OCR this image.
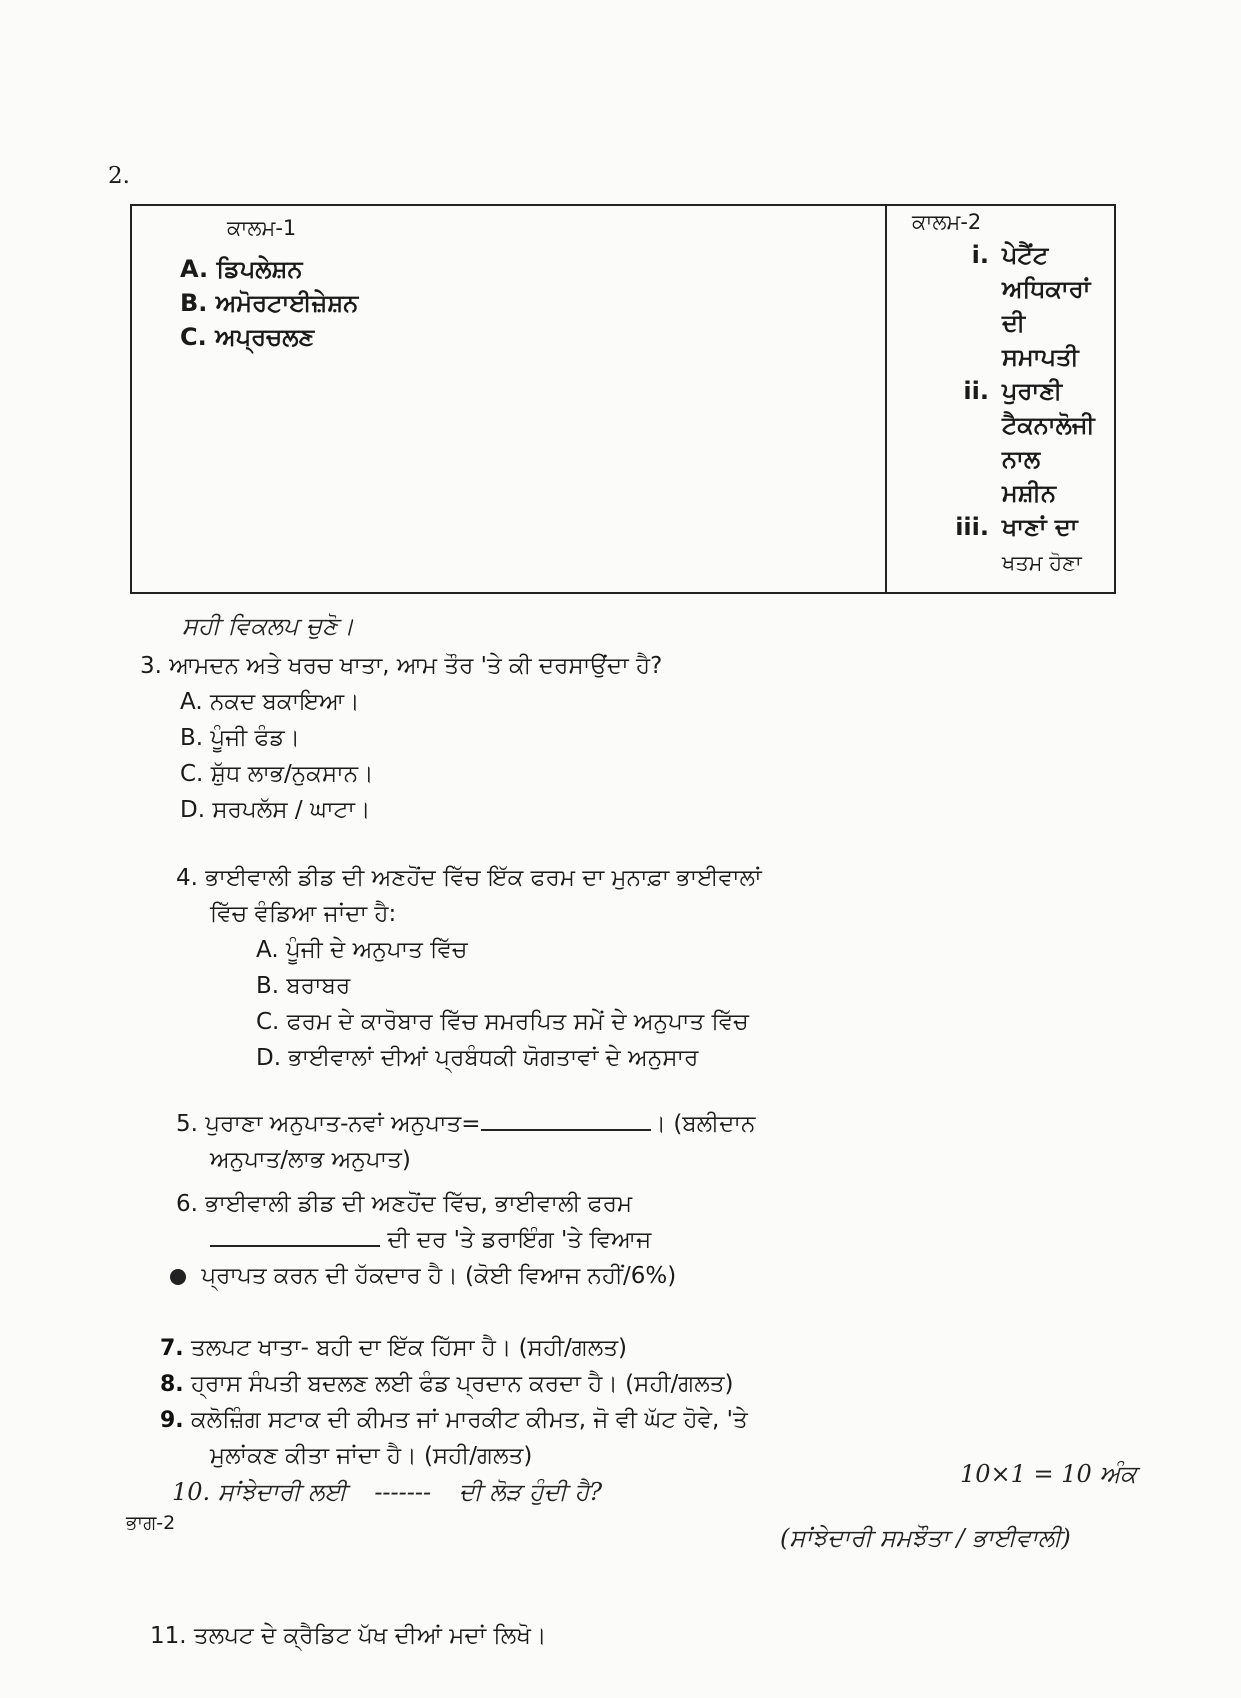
2.
ਕਾਲਮ-1
A. ਡਿਪਲੇਸ਼ਨ
B. ਅਮੋਰਟਾਈਜ਼ੇਸ਼ਨ
C. ਅਪ੍ਰਚਲਣ
ਕਾਲਮ-2
i. ਪੇਟੈਂਟ
ਅਧਿਕਾਰਾਂ
ਦੀ
ਸਮਾਪਤੀ
ii. ਪੁਰਾਣੀ
ਟੈਕਨਾਲੋਜੀ
ਨਾਲ
ਮਸ਼ੀਨ
iii. ਖਾਣਾਂ ਦਾ
ਖਤਮ ਹੋਣਾ
ਸਹੀ ਵਿਕਲਪ ਚੁਣੋ।
3. ਆਮਦਨ ਅਤੇ ਖਰਚ ਖਾਤਾ, ਆਮ ਤੌਰ 'ਤੇ ਕੀ ਦਰਸਾਉਂਦਾ ਹੈ?
A. ਨਕਦ ਬਕਾਇਆ।
B. ਪੂੰਜੀ ਫੰਡ।
C. ਸ਼ੁੱਧ ਲਾਭ/ਨੁਕਸਾਨ।
D. ਸਰਪਲੱਸ / ਘਾਟਾ।
4. ਭਾਈਵਾਲੀ ਡੀਡ ਦੀ ਅਣਹੋਂਦ ਵਿੱਚ ਇੱਕ ਫਰਮ ਦਾ ਮੁਨਾਫ਼ਾ ਭਾਈਵਾਲਾਂ
ਵਿੱਚ ਵੰਡਿਆ ਜਾਂਦਾ ਹੈ:
A. ਪੂੰਜੀ ਦੇ ਅਨੁਪਾਤ ਵਿੱਚ
B. ਬਰਾਬਰ
C. ਫਰਮ ਦੇ ਕਾਰੋਬਾਰ ਵਿੱਚ ਸਮਰਪਿਤ ਸਮੇਂ ਦੇ ਅਨੁਪਾਤ ਵਿੱਚ
D. ਭਾਈਵਾਲਾਂ ਦੀਆਂ ਪ੍ਰਬੰਧਕੀ ਯੋਗਤਾਵਾਂ ਦੇ ਅਨੁਸਾਰ
5. ਪੁਰਾਣਾ ਅਨੁਪਾਤ-ਨਵਾਂ ਅਨੁਪਾਤ=	। (ਬਲੀਦਾਨ
ਅਨੁਪਾਤ/ਲਾਭ ਅਨੁਪਾਤ)
6. ਭਾਈਵਾਲੀ ਡੀਡ ਦੀ ਅਣਹੋਂਦ ਵਿੱਚ, ਭਾਈਵਾਲੀ ਫਰਮ
ਦੀ ਦਰ 'ਤੇ ਡਰਾਇੰਗ 'ਤੇ ਵਿਆਜ
ਪ੍ਰਾਪਤ ਕਰਨ ਦੀ ਹੱਕਦਾਰ ਹੈ। (ਕੋਈ ਵਿਆਜ ਨਹੀਂ/6%)
7. ਤਲਪਟ ਖਾਤਾ- ਬਹੀ ਦਾ ਇੱਕ ਹਿੱਸਾ ਹੈ। (ਸਹੀ/ਗਲਤ)
8. ਹ੍ਰਾਸ ਸੰਪਤੀ ਬਦਲਣ ਲਈ ਫੰਡ ਪ੍ਰਦਾਨ ਕਰਦਾ ਹੈ। (ਸਹੀ/ਗਲਤ)
9. ਕਲੋਜ਼ਿੰਗ ਸਟਾਕ ਦੀ ਕੀਮਤ ਜਾਂ ਮਾਰਕੀਟ ਕੀਮਤ, ਜੋ ਵੀ ਘੱਟ ਹੋਵੇ, 'ਤੇ
ਮੁਲਾਂਕਣ ਕੀਤਾ ਜਾਂਦਾ ਹੈ। (ਸਹੀ/ਗਲਤ)
10. ਸਾਂਝੇਦਾਰੀ ਲਈ ------- ਦੀ ਲੋੜ ਹੁੰਦੀ ਹੈ?
10×1 = 10 ਅੰਕ
(ਸਾਂਝੇਦਾਰੀ ਸਮਝੌਤਾ / ਭਾਈਵਾਲੀ)
ਭਾਗ-2
11. ਤਲਪਟ ਦੇ ਕ੍ਰੈਡਿਟ ਪੱਖ ਦੀਆਂ ਮਦਾਂ ਲਿਖੋ।
